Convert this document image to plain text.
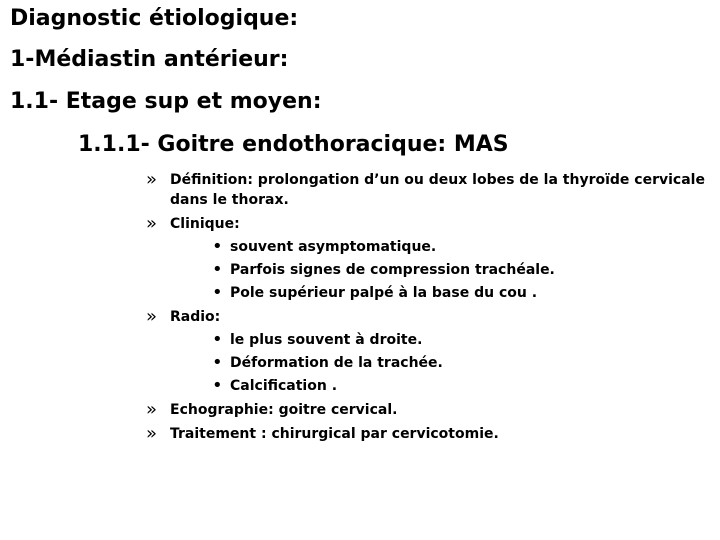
Diagnostic étiologique:
1-Médiastin antérieur:
1.1- Etage sup et moyen:
1.1.1- Goitre endothoracique: MAS
» Définition: prolongation d’un ou deux lobes de la thyroïde cervicale dans le thorax.
» Clinique:
• souvent asymptomatique.
• Parfois signes de compression trachéale.
• Pole supérieur palpé à la base du cou .
» Radio:
• le plus souvent à droite.
• Déformation de la trachée.
• Calcification .
» Echographie: goitre cervical.
» Traitement : chirurgical par cervicotomie.
